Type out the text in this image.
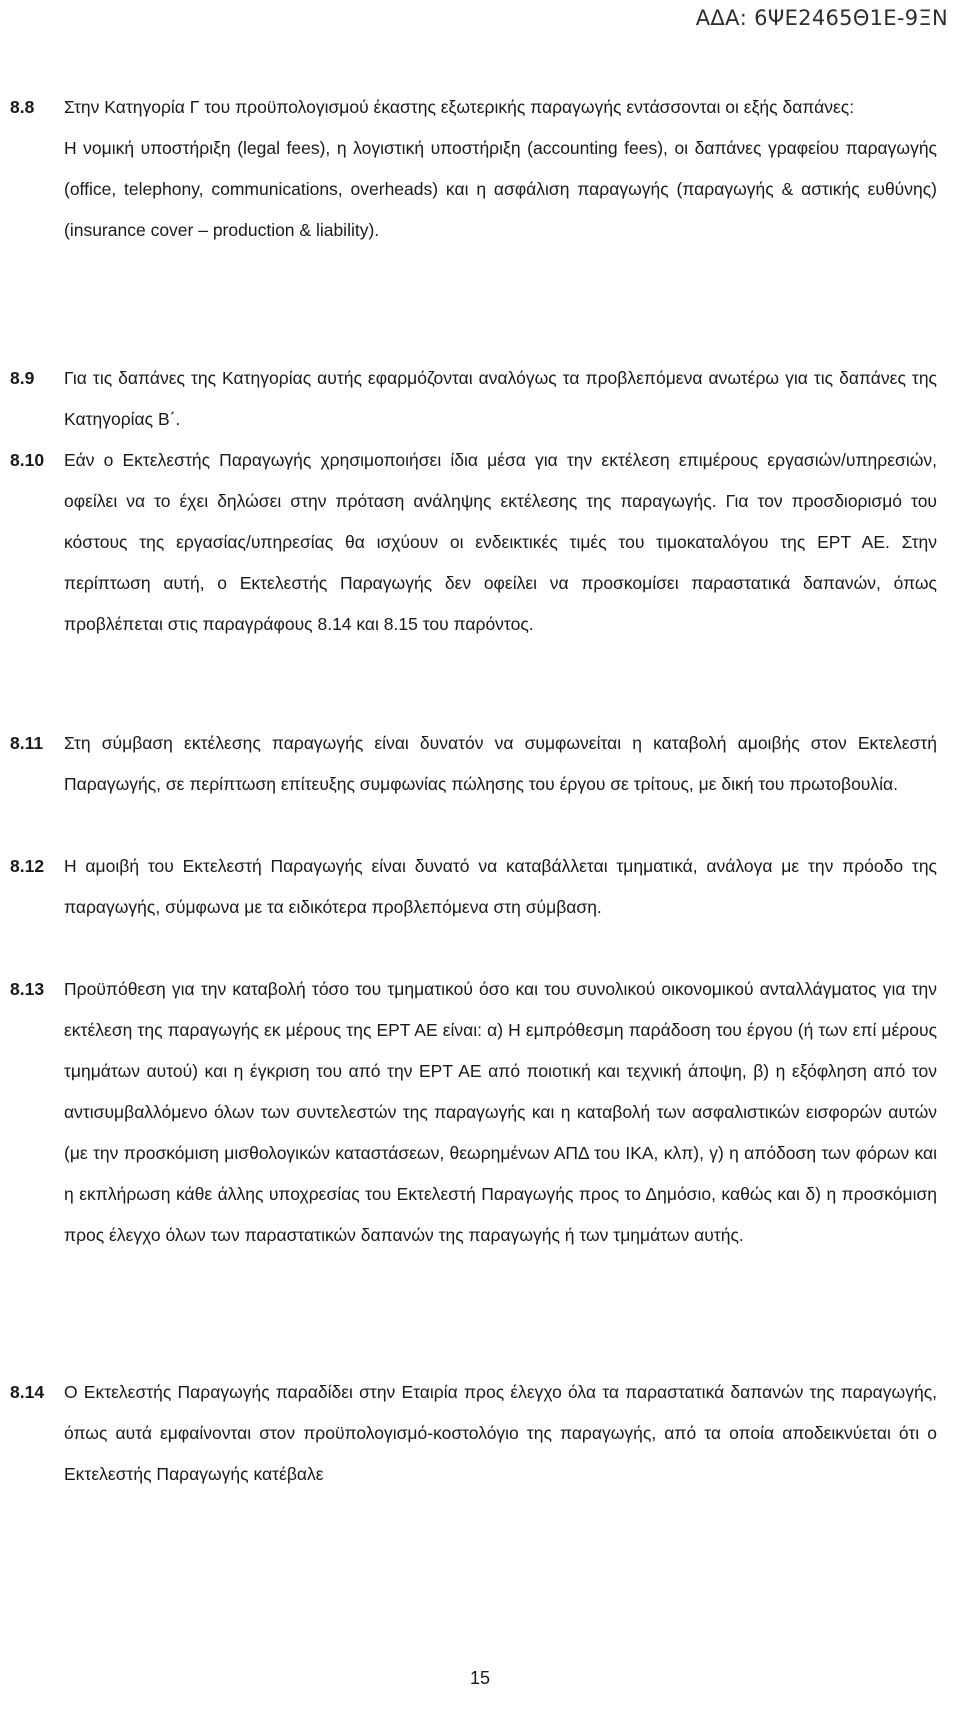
ΑΔΑ: 6ΨΕ2465Θ1Ε-9ΞΝ
8.8	Στην Κατηγορία Γ του προϋπολογισμού έκαστης εξωτερικής παραγωγής εντάσσονται οι εξής δαπάνες:

Η νομική υποστήριξη (legal fees), η λογιστική υποστήριξη (accounting fees), οι δαπάνες γραφείου παραγωγής (office, telephony, communications, overheads) και η ασφάλιση παραγωγής (παραγωγής & αστικής ευθύνης) (insurance cover – production & liability).

8.9	Για τις δαπάνες της Κατηγορίας αυτής εφαρμόζονται αναλόγως τα προβλεπόμενα ανωτέρω για τις δαπάνες της Κατηγορίας Β΄.

8.10	Εάν ο Εκτελεστής Παραγωγής χρησιμοποιήσει ίδια μέσα για την εκτέλεση επιμέρους εργασιών/υπηρεσιών, οφείλει να το έχει δηλώσει στην πρόταση ανάληψης εκτέλεσης της παραγωγής. Για τον προσδιορισμό του κόστους της εργασίας/υπηρεσίας θα ισχύουν οι ενδεικτικές τιμές του τιμοκαταλόγου της ΕΡΤ ΑΕ. Στην περίπτωση αυτή, ο Εκτελεστής Παραγωγής δεν οφείλει να προσκομίσει παραστατικά δαπανών, όπως προβλέπεται στις παραγράφους 8.14 και 8.15 του παρόντος.

8.11	Στη σύμβαση εκτέλεσης παραγωγής είναι δυνατόν να συμφωνείται η καταβολή αμοιβής στον Εκτελεστή Παραγωγής, σε περίπτωση επίτευξης συμφωνίας πώλησης του έργου σε τρίτους, με δική του πρωτοβουλία.

8.12	Η αμοιβή του Εκτελεστή Παραγωγής είναι δυνατό να καταβάλλεται τμηματικά, ανάλογα με την πρόοδο της παραγωγής, σύμφωνα με τα ειδικότερα προβλεπόμενα στη σύμβαση.

8.13	Προϋπόθεση για την καταβολή τόσο του τμηματικού όσο και του συνολικού οικονομικού ανταλλάγματος για την εκτέλεση της παραγωγής εκ μέρους της ΕΡΤ ΑΕ είναι: α) Η εμπρόθεσμη παράδοση του έργου (ή των επί μέρους τμημάτων αυτού) και η έγκριση του από την ΕΡΤ ΑΕ από ποιοτική και τεχνική άποψη, β) η εξόφληση από τον αντισυμβαλλόμενο όλων των συντελεστών της παραγωγής και η καταβολή των ασφαλιστικών εισφορών αυτών (με την προσκόμιση μισθολογικών καταστάσεων, θεωρημένων ΑΠΔ του ΙΚΑ, κλπ), γ) η απόδοση των φόρων και η εκπλήρωση κάθε άλλης υποχρεσίας του Εκτελεστή Παραγωγής προς το Δημόσιο, καθώς και δ) η προσκόμιση προς έλεγχο όλων των παραστατικών δαπανών της παραγωγής ή των τμημάτων αυτής.

8.14	Ο Εκτελεστής Παραγωγής παραδίδει στην Εταιρία προς έλεγχο όλα τα παραστατικά δαπανών της παραγωγής, όπως αυτά εμφαίνονται στον προϋπολογισμό-κοστολόγιο της παραγωγής, από τα οποία αποδεικνύεται ότι ο Εκτελεστής Παραγωγής κατέβαλε

15
